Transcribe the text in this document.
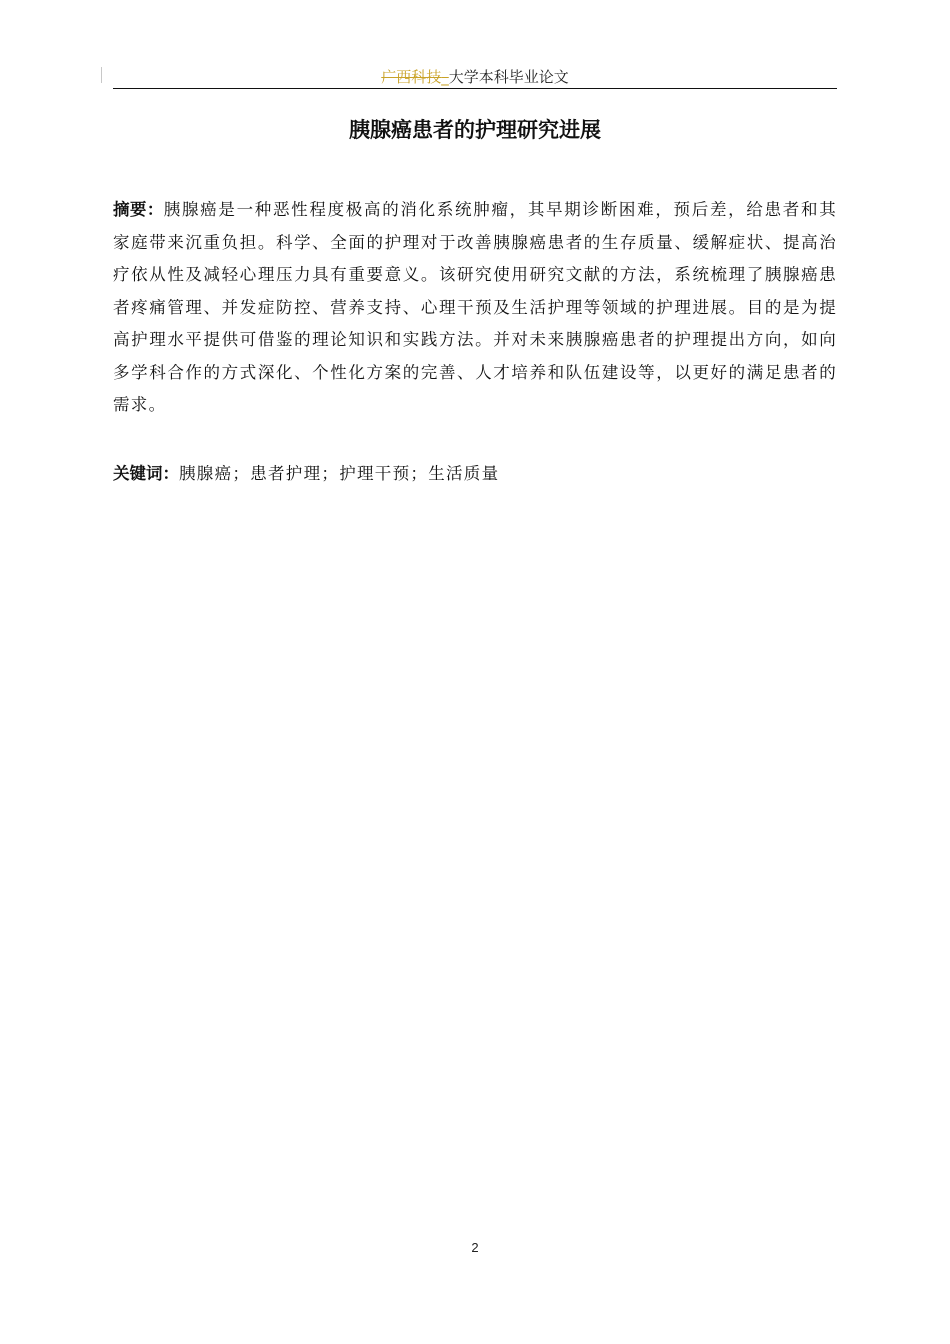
广西科技_大学本科毕业论文
胰腺癌患者的护理研究进展
摘要：胰腺癌是一种恶性程度极高的消化系统肿瘤，其早期诊断困难，预后差，给患者和其家庭带来沉重负担。科学、全面的护理对于改善胰腺癌患者的生存质量、缓解症状、提高治疗依从性及减轻心理压力具有重要意义。该研究使用研究文献的方法，系统梳理了胰腺癌患者疼痛管理、并发症防控、营养支持、心理干预及生活护理等领域的护理进展。目的是为提高护理水平提供可借鉴的理论知识和实践方法。并对未来胰腺癌患者的护理提出方向，如向多学科合作的方式深化、个性化方案的完善、人才培养和队伍建设等，以更好的满足患者的需求。
关键词：胰腺癌；患者护理；护理干预；生活质量
2
